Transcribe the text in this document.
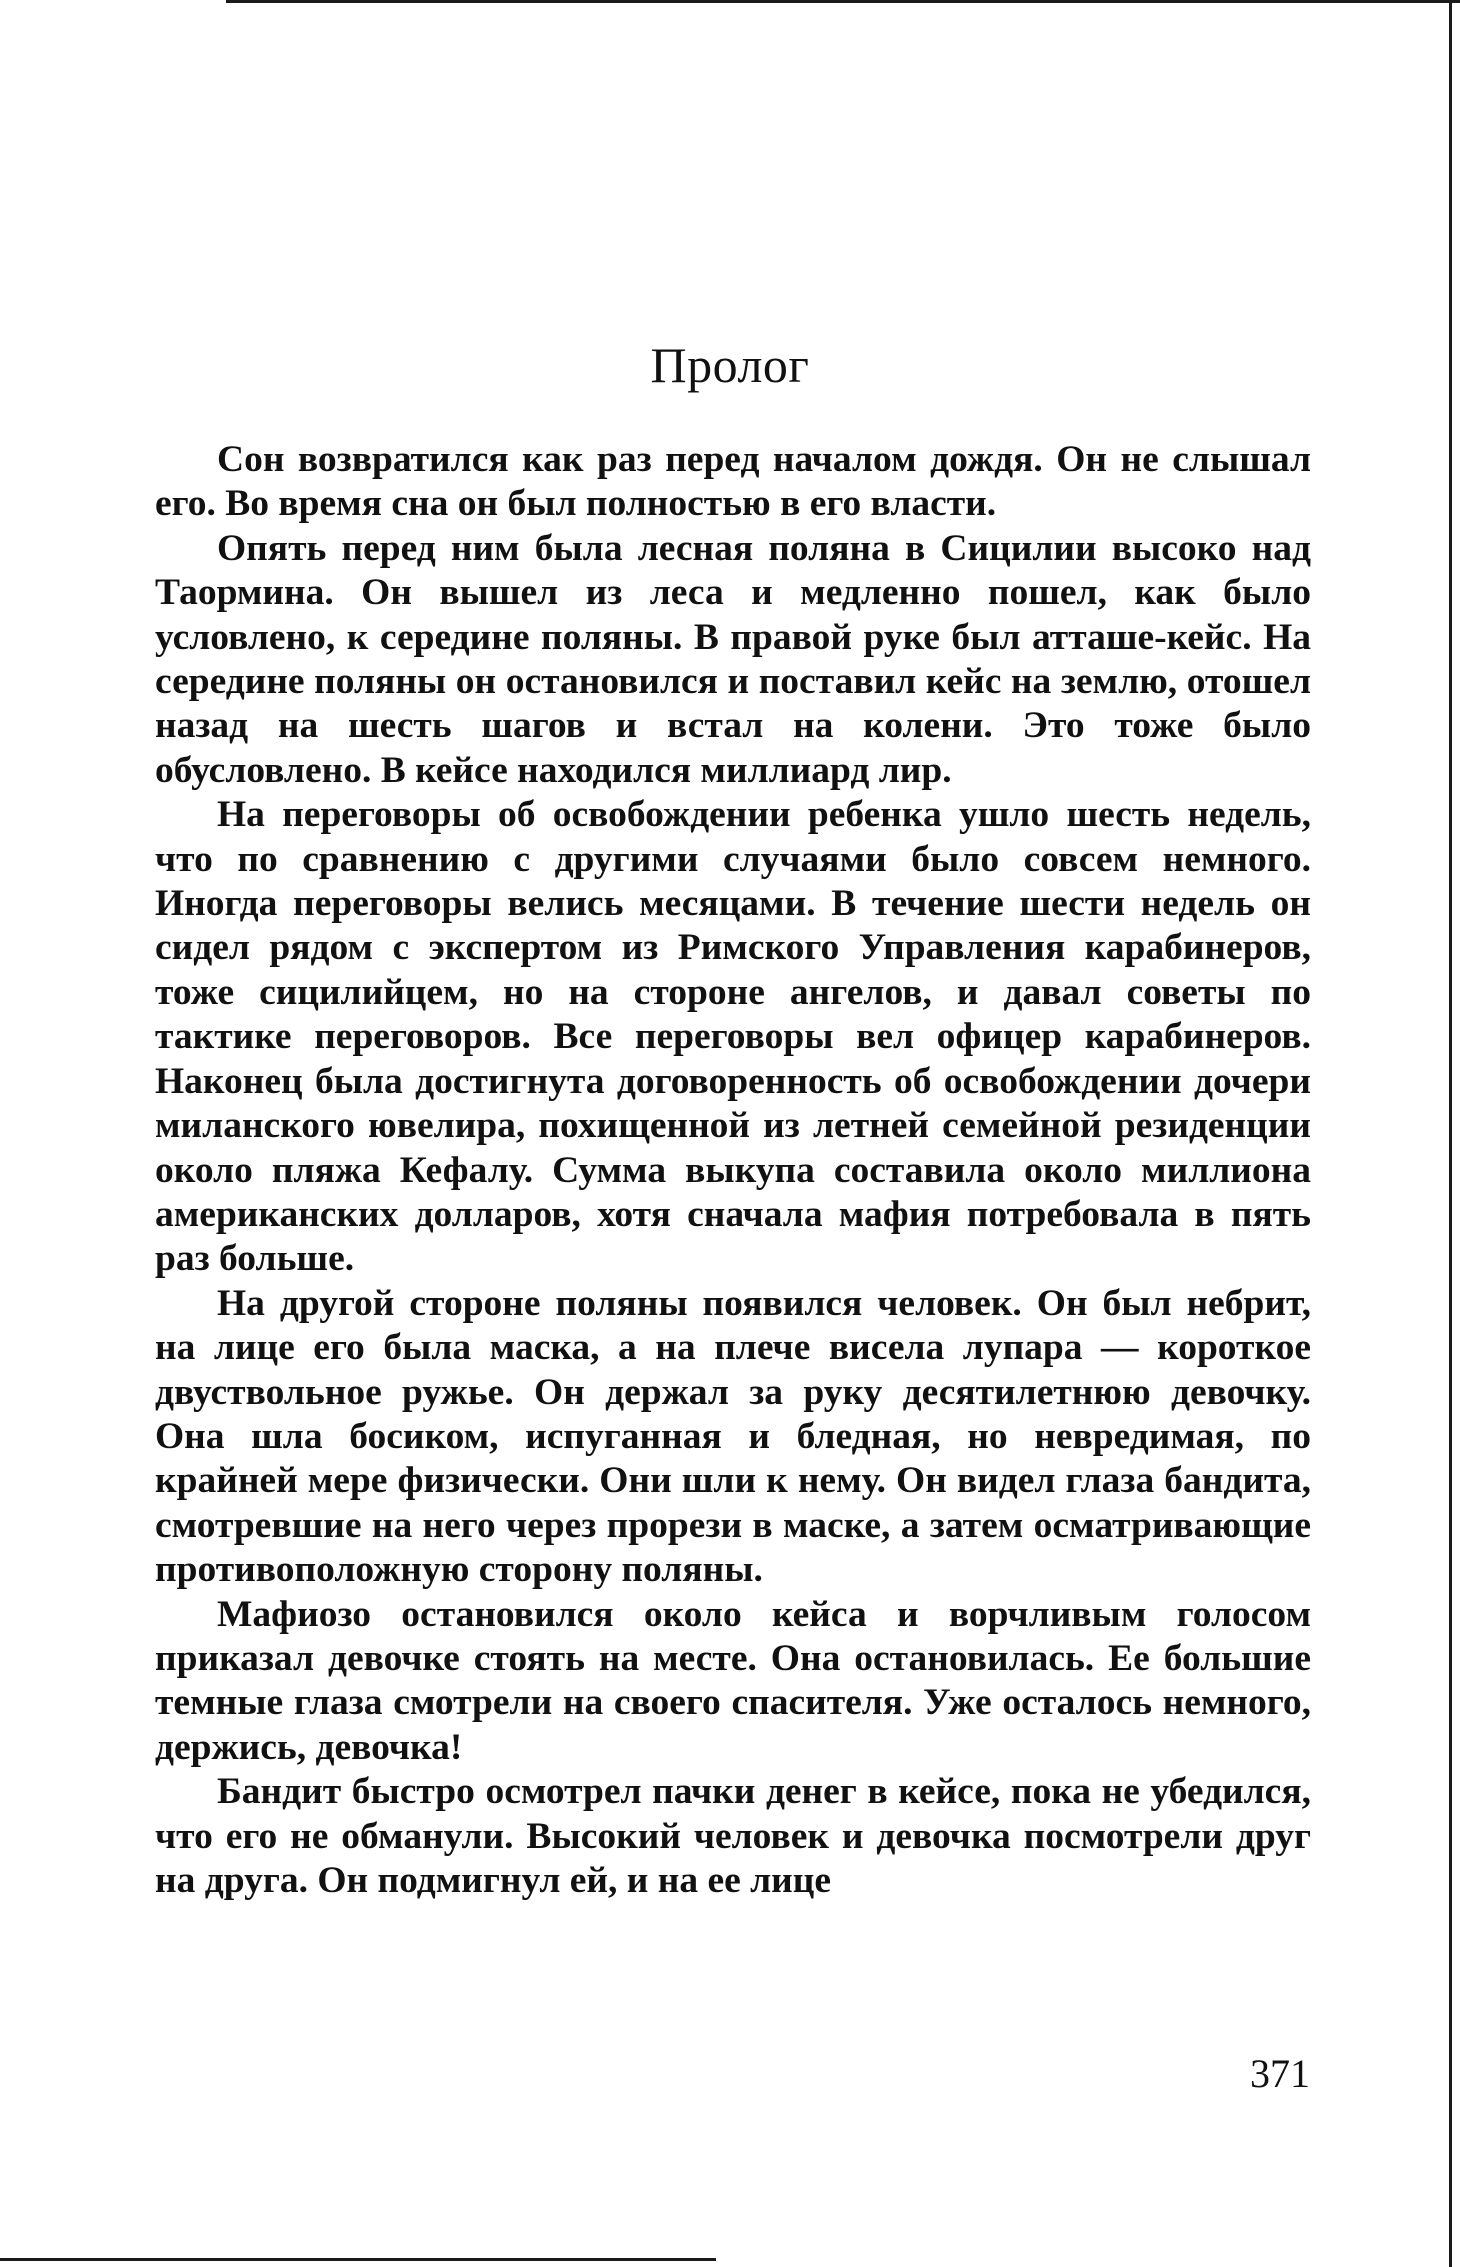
Пролог

Сон возвратился как раз перед началом дождя. Он не слышал его. Во время сна он был полностью в его власти.

Опять перед ним была лесная поляна в Сицилии высоко над Таормина. Он вышел из леса и медленно пошел, как было условлено, к середине поляны. В правой руке был атташе-кейс. На середине поляны он остановился и поставил кейс на землю, отошел назад на шесть шагов и встал на колени. Это тоже было обусловлено. В кейсе находился миллиард лир.

На переговоры об освобождении ребенка ушло шесть недель, что по сравнению с другими случаями было совсем немного. Иногда переговоры велись месяцами. В течение шести недель он сидел рядом с экспертом из Римского Управления карабинеров, тоже сицилийцем, но на стороне ангелов, и давал советы по тактике переговоров. Все переговоры вел офицер карабинеров. Наконец была достигнута договоренность об освобождении дочери миланского ювелира, похищенной из летней семейной резиденции около пляжа Кефалу. Сумма выкупа составила около миллиона американских долларов, хотя сначала мафия потребовала в пять раз больше.

На другой стороне поляны появился человек. Он был небрит, на лице его была маска, а на плече висела лупара — короткое двуствольное ружье. Он держал за руку десятилетнюю девочку. Она шла босиком, испуганная и бледная, но невредимая, по крайней мере физически. Они шли к нему. Он видел глаза бандита, смотревшие на него через прорези в маске, а затем осматривающие противоположную сторону поляны.

Мафиозо остановился около кейса и ворчливым голосом приказал девочке стоять на месте. Она остановилась. Ее большие темные глаза смотрели на своего спасителя. Уже осталось немного, держись, девочка!

Бандит быстро осмотрел пачки денег в кейсе, пока не убедился, что его не обманули. Высокий человек и девочка посмотрели друг на друга. Он подмигнул ей, и на ее лице

371
